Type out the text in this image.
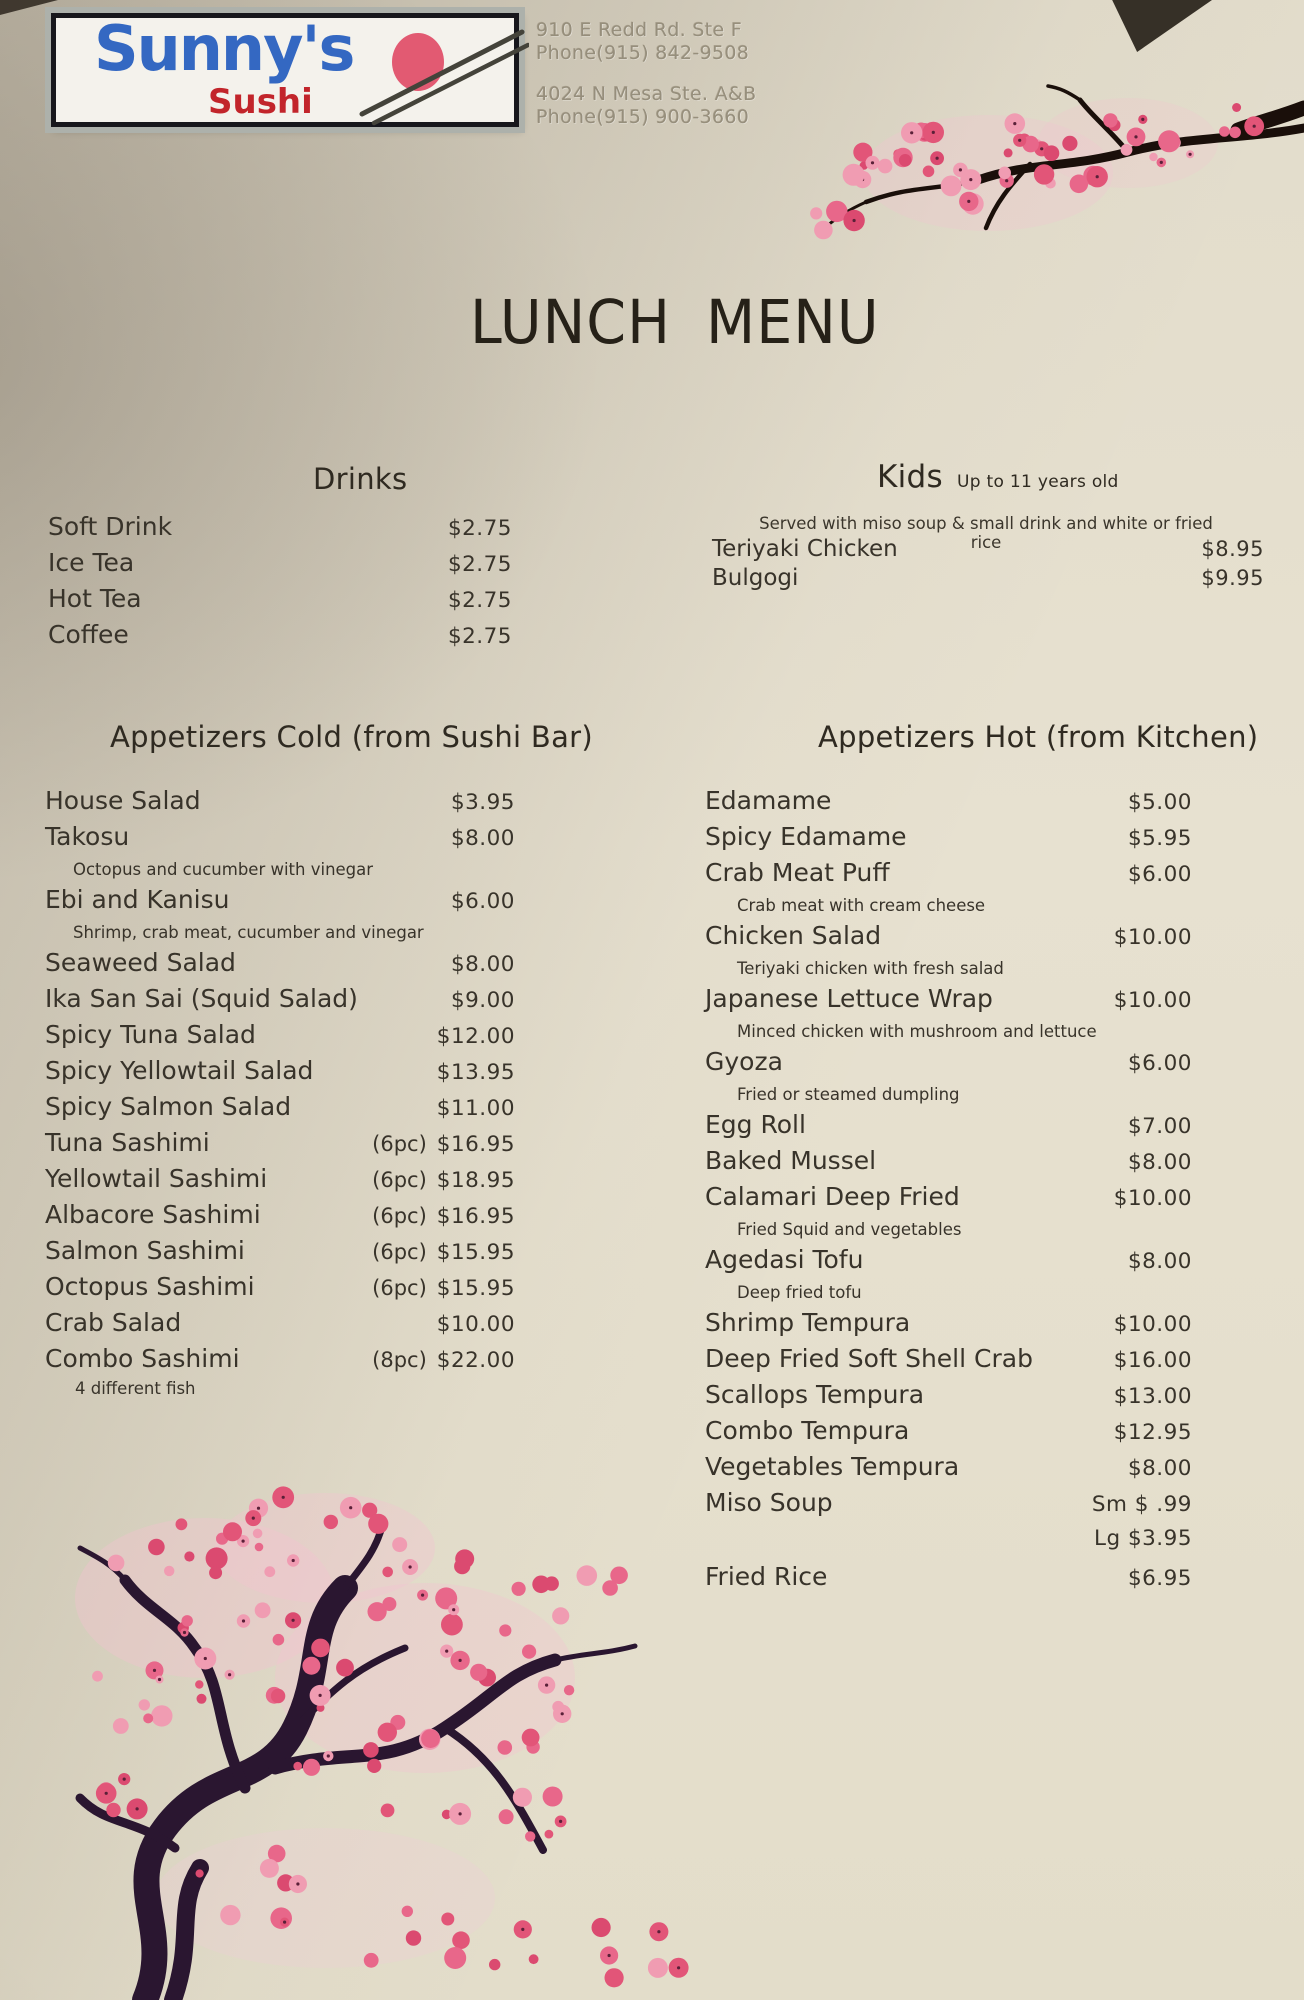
Sunny's
Sushi
910 E Redd Rd. Ste F
Phone(915) 842-9508
4024 N Mesa Ste. A&B
Phone(915) 900-3660
LUNCH MENU
Drinks
Soft Drink	$2.75
Ice Tea	$2.75
Hot Tea	$2.75
Coffee	$2.75
Kids Up to 11 years old
Served with miso soup & small drink and white or fried rice
Teriyaki Chicken	$8.95
Bulgogi	$9.95
Appetizers Cold (from Sushi Bar)
House Salad	$3.95
Takosu	$8.00
Octopus and cucumber with vinegar
Ebi and Kanisu	$6.00
Shrimp, crab meat, cucumber and vinegar
Seaweed Salad	$8.00
Ika San Sai (Squid Salad)	$9.00
Spicy Tuna Salad	$12.00
Spicy Yellowtail Salad	$13.95
Spicy Salmon Salad	$11.00
Tuna Sashimi	(6pc) $16.95
Yellowtail Sashimi	(6pc) $18.95
Albacore Sashimi	(6pc) $16.95
Salmon Sashimi	(6pc) $15.95
Octopus Sashimi	(6pc) $15.95
Crab Salad	$10.00
Combo Sashimi	(8pc) $22.00
4 different fish
Appetizers Hot (from Kitchen)
Edamame	$5.00
Spicy Edamame	$5.95
Crab Meat Puff	$6.00
Crab meat with cream cheese
Chicken Salad	$10.00
Teriyaki chicken with fresh salad
Japanese Lettuce Wrap	$10.00
Minced chicken with mushroom and lettuce
Gyoza	$6.00
Fried or steamed dumpling
Egg Roll	$7.00
Baked Mussel	$8.00
Calamari Deep Fried	$10.00
Fried Squid and vegetables
Agedasi Tofu	$8.00
Deep fried tofu
Shrimp Tempura	$10.00
Deep Fried Soft Shell Crab	$16.00
Scallops Tempura	$13.00
Combo Tempura	$12.95
Vegetables Tempura	$8.00
Miso Soup	Sm $ .99
Lg $3.95
Fried Rice	$6.95
